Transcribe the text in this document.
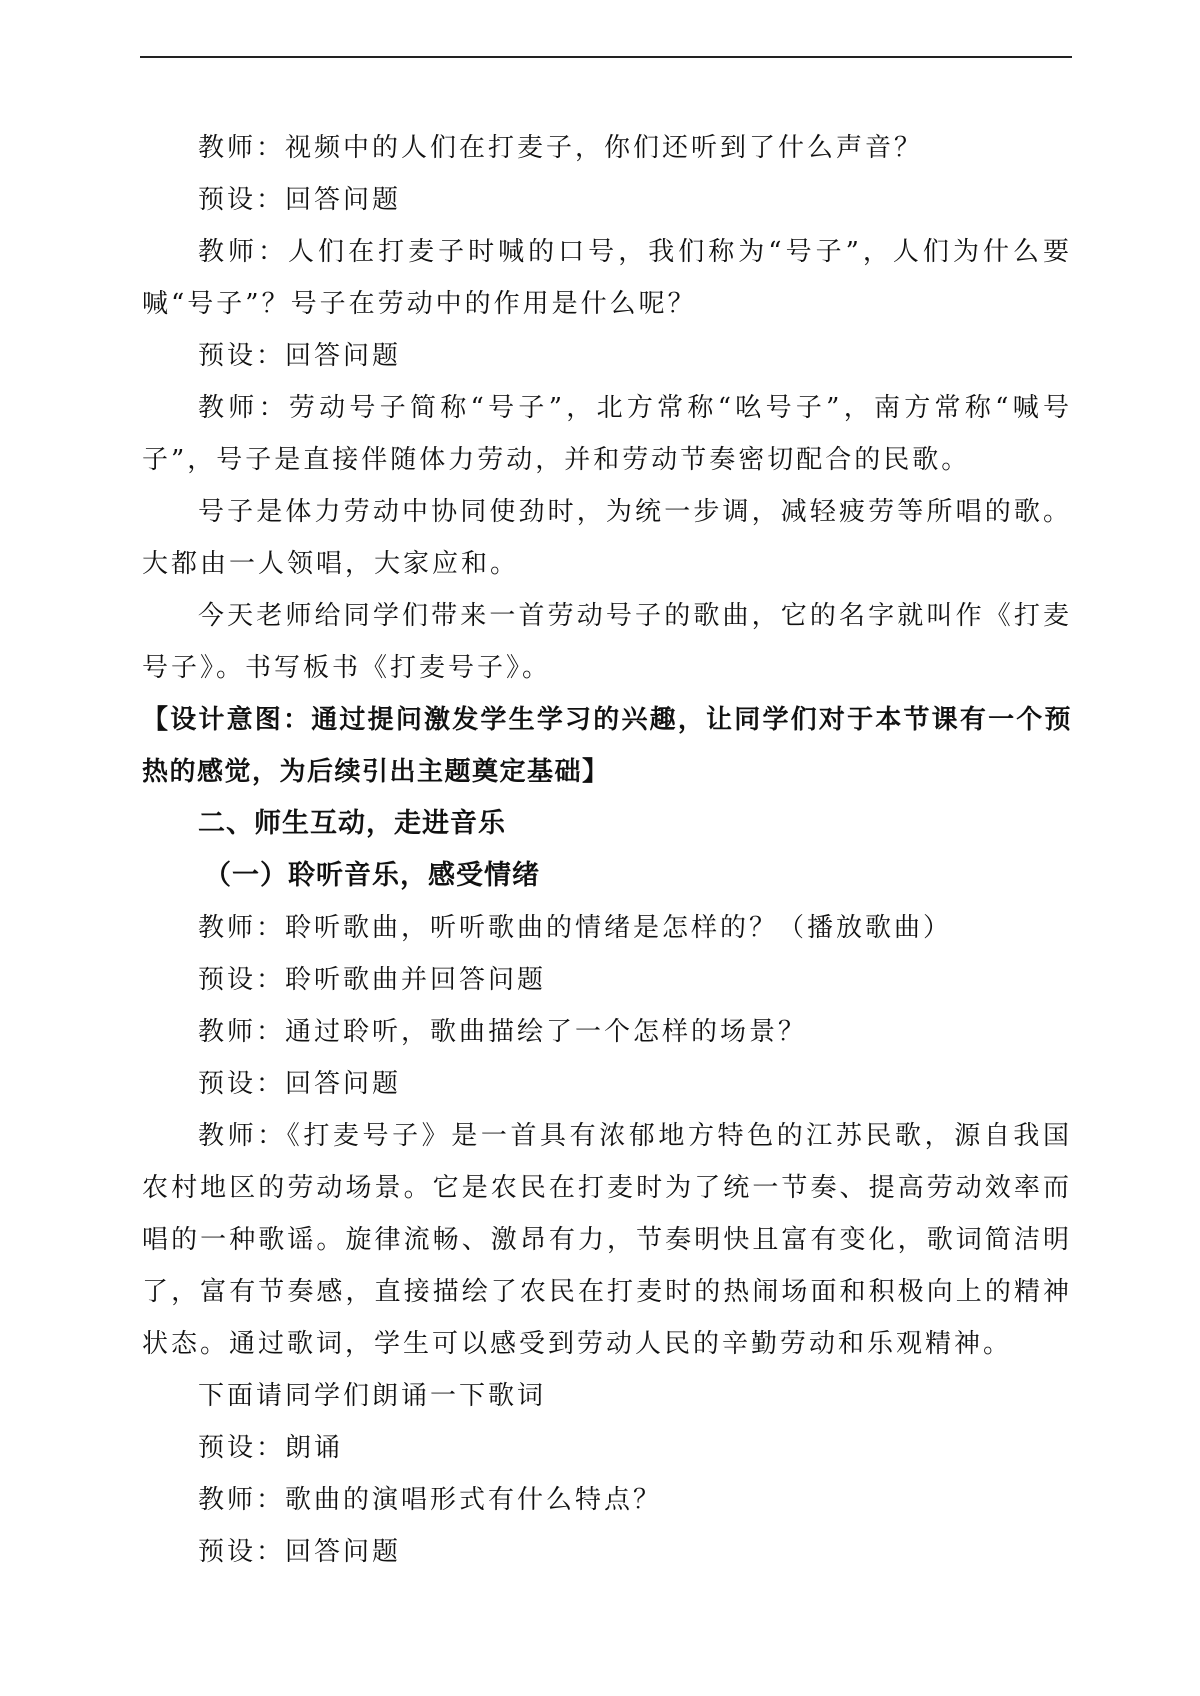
教师：视频中的人们在打麦子，你们还听到了什么声音？

预设：回答问题

教师：人们在打麦子时喊的口号，我们称为“号子”，人们为什么要喊“号子”？号子在劳动中的作用是什么呢？

预设：回答问题

教师：劳动号子简称“号子”，北方常称“吆号子”，南方常称“喊号子”，号子是直接伴随体力劳动，并和劳动节奏密切配合的民歌。

号子是体力劳动中协同使劲时，为统一步调，减轻疲劳等所唱的歌。大都由一人领唱，大家应和。

今天老师给同学们带来一首劳动号子的歌曲，它的名字就叫作《打麦号子》。书写板书《打麦号子》。

【设计意图：通过提问激发学生学习的兴趣，让同学们对于本节课有一个预热的感觉，为后续引出主题奠定基础】

二、师生互动，走进音乐
（一）聆听音乐，感受情绪

教师：聆听歌曲，听听歌曲的情绪是怎样的？（播放歌曲）

预设：聆听歌曲并回答问题

教师：通过聆听，歌曲描绘了一个怎样的场景？

预设：回答问题

教师：《打麦号子》是一首具有浓郁地方特色的江苏民歌，源自我国农村地区的劳动场景。它是农民在打麦时为了统一节奏、提高劳动效率而唱的一种歌谣。旋律流畅、激昂有力，节奏明快且富有变化，歌词简洁明了，富有节奏感，直接描绘了农民在打麦时的热闹场面和积极向上的精神状态。通过歌词，学生可以感受到劳动人民的辛勤劳动和乐观精神。

下面请同学们朗诵一下歌词

预设：朗诵

教师：歌曲的演唱形式有什么特点？

预设：回答问题
